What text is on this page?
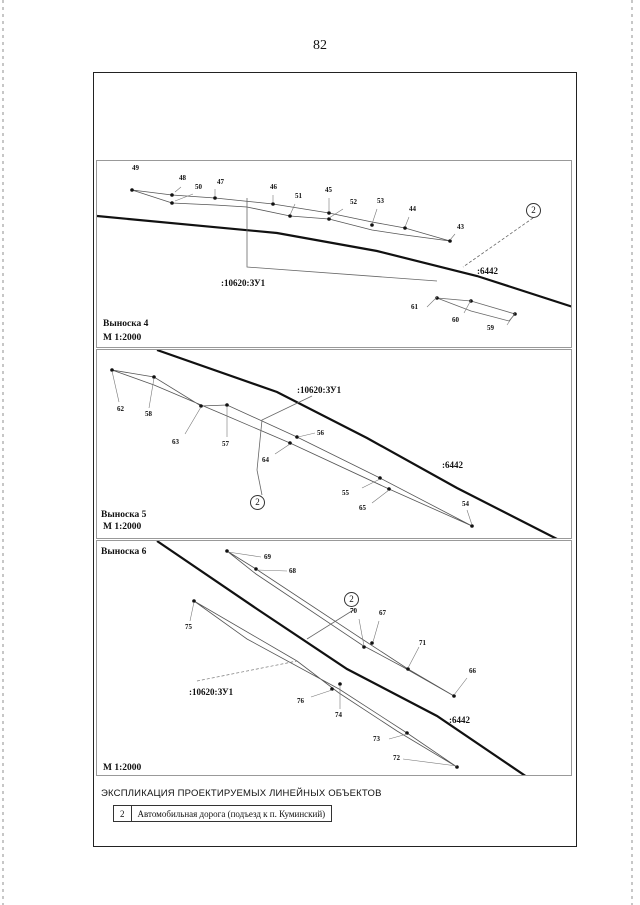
82
49
48
50
47
46
51
45
52	53
44
43
61
60
59
:10620:ЗУ1
:6442
2
Выноска 4
М 1:2000
62
58
63	57
56
64
55
65	54
:10620:ЗУ1
:6442
2
Выноска 5
М 1:2000
69
68
75
70	67
71
66
76
74
73
72
:10620:ЗУ1
:6442
2
Выноска 6
М 1:2000
ЭКСПЛИКАЦИЯ ПРОЕКТИРУЕМЫХ ЛИНЕЙНЫХ ОБЪЕКТОВ
2	Автомобильная дорога (подъезд к п. Куминский)
